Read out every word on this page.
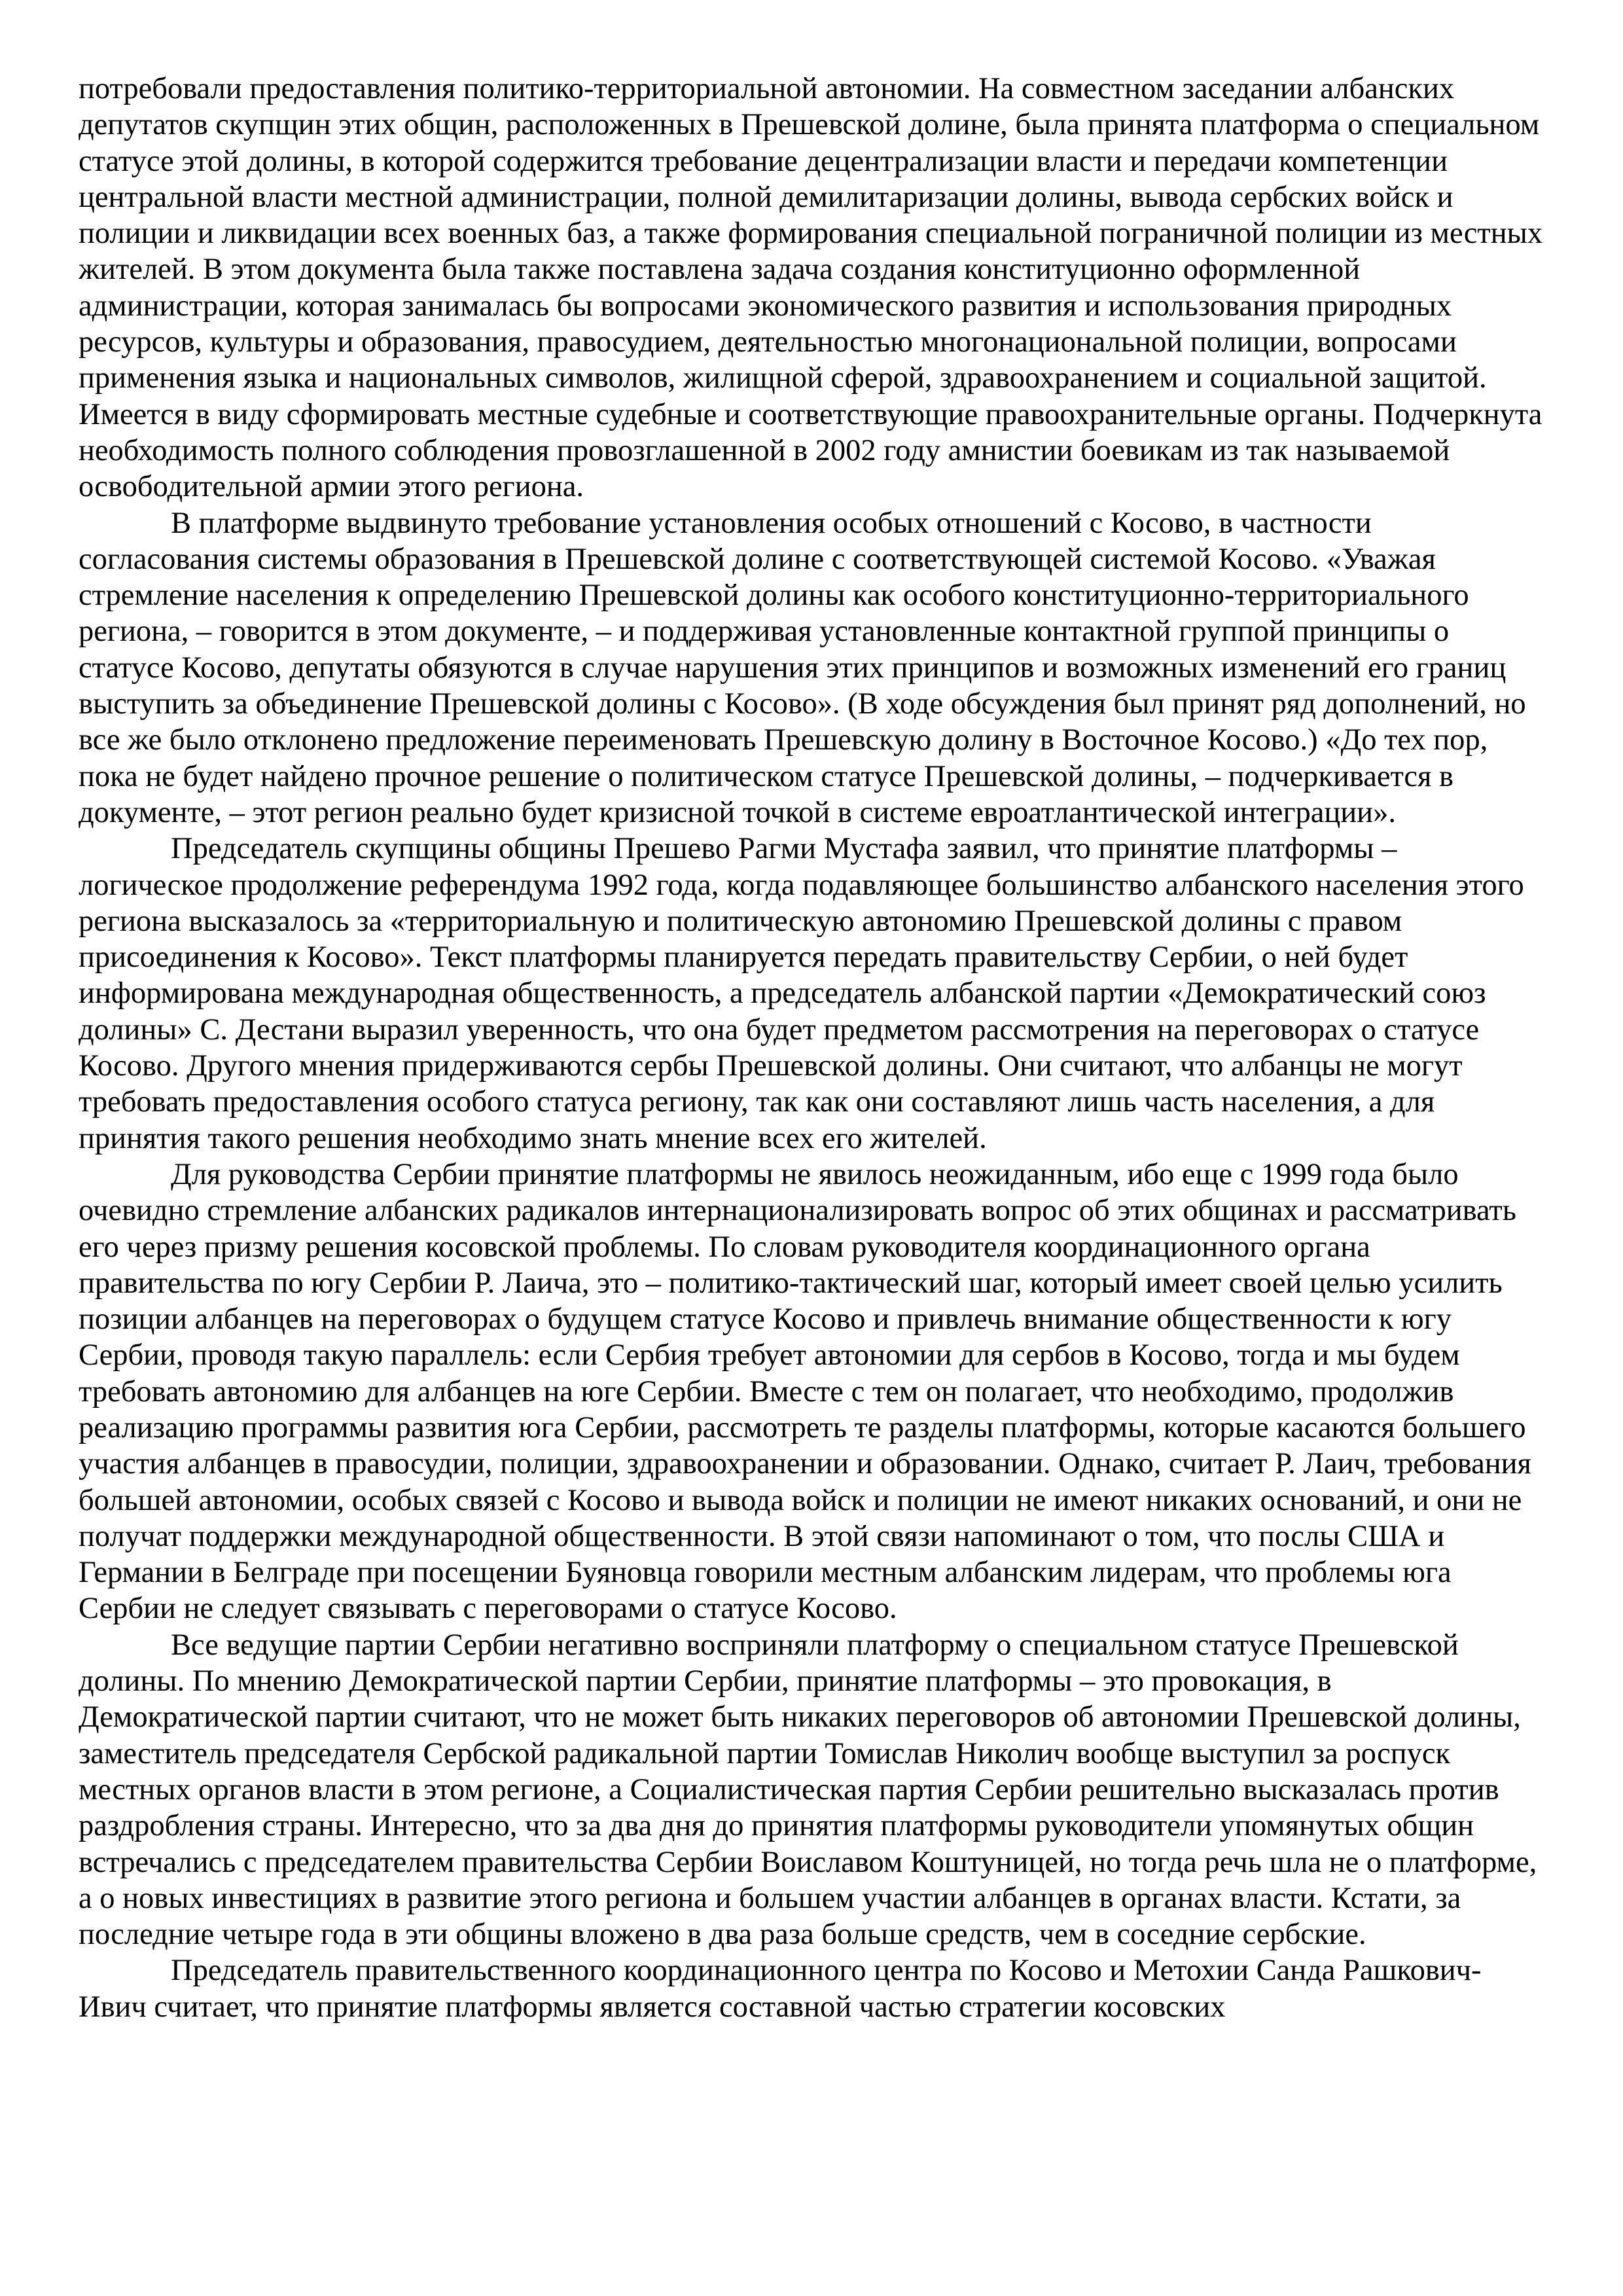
потребовали предоставления политико-территориальной автономии. На совместном заседании албанских депутатов скупщин этих общин, расположенных в Прешевской долине, была принята платформа о специальном статусе этой долины, в которой содержится требование децентрализации власти и передачи компетенции центральной власти местной администрации, полной демилитаризации долины, вывода сербских войск и полиции и ликвидации всех военных баз, а также формирования специальной пограничной полиции из местных жителей. В этом документа была также поставлена задача создания конституционно оформленной администрации, которая занималась бы вопросами экономического развития и использования природных ресурсов, культуры и образования, правосудием, деятельностью многонациональной полиции, вопросами применения языка и национальных символов, жилищной сферой, здравоохранением и социальной защитой. Имеется в виду сформировать местные судебные и соответствующие правоохранительные органы. Подчеркнута необходимость полного соблюдения провозглашенной в 2002 году амнистии боевикам из так называемой освободительной армии этого региона.

В платформе выдвинуто требование установления особых отношений с Косово, в частности согласования системы образования в Прешевской долине с соответствующей системой Косово. «Уважая стремление населения к определению Прешевской долины как особого конституционно-территориального региона, – говорится в этом документе, – и поддерживая установленные контактной группой принципы о статусе Косово, депутаты обязуются в случае нарушения этих принципов и возможных изменений его границ выступить за объединение Прешевской долины с Косово». (В ходе обсуждения был принят ряд дополнений, но все же было отклонено предложение переименовать Прешевскую долину в Восточное Косово.) «До тех пор, пока не будет найдено прочное решение о политическом статусе Прешевской долины, – подчеркивается в документе, – этот регион реально будет кризисной точкой в системе евроатлантической интеграции».

Председатель скупщины общины Прешево Рагми Мустафа заявил, что принятие платформы – логическое продолжение референдума 1992 года, когда подавляющее большинство албанского населения этого региона высказалось за «территориальную и политическую автономию Прешевской долины с правом присоединения к Косово». Текст платформы планируется передать правительству Сербии, о ней будет информирована международная общественность, а председатель албанской партии «Демократический союз долины» С. Дестани выразил уверенность, что она будет предметом рассмотрения на переговорах о статусе Косово. Другого мнения придерживаются сербы Прешевской долины. Они считают, что албанцы не могут требовать предоставления особого статуса региону, так как они составляют лишь часть населения, а для принятия такого решения необходимо знать мнение всех его жителей.

Для руководства Сербии принятие платформы не явилось неожиданным, ибо еще с 1999 года было очевидно стремление албанских радикалов интернационализировать вопрос об этих общинах и рассматривать его через призму решения косовской проблемы. По словам руководителя координационного органа правительства по югу Сербии Р. Лаича, это – политико-тактический шаг, который имеет своей целью усилить позиции албанцев на переговорах о будущем статусе Косово и привлечь внимание общественности к югу Сербии, проводя такую параллель: если Сербия требует автономии для сербов в Косово, тогда и мы будем требовать автономию для албанцев на юге Сербии. Вместе с тем он полагает, что необходимо, продолжив реализацию программы развития юга Сербии, рассмотреть те разделы платформы, которые касаются большего участия албанцев в правосудии, полиции, здравоохранении и образовании. Однако, считает Р. Лаич, требования большей автономии, особых связей с Косово и вывода войск и полиции не имеют никаких оснований, и они не получат поддержки международной общественности. В этой связи напоминают о том, что послы США и Германии в Белграде при посещении Буяновца говорили местным албанским лидерам, что проблемы юга Сербии не следует связывать с переговорами о статусе Косово.

Все ведущие партии Сербии негативно восприняли платформу о специальном статусе Прешевской долины. По мнению Демократической партии Сербии, принятие платформы – это провокация, в Демократической партии считают, что не может быть никаких переговоров об автономии Прешевской долины, заместитель председателя Сербской радикальной партии Томислав Николич вообще выступил за роспуск местных органов власти в этом регионе, а Социалистическая партия Сербии решительно высказалась против раздробления страны. Интересно, что за два дня до принятия платформы руководители упомянутых общин встречались с председателем правительства Сербии Воиславом Коштуницей, но тогда речь шла не о платформе, а о новых инвестициях в развитие этого региона и большем участии албанцев в органах власти. Кстати, за последние четыре года в эти общины вложено в два раза больше средств, чем в соседние сербские.

Председатель правительственного координационного центра по Косово и Метохии Санда Рашкович-Ивич считает, что принятие платформы является составной частью стратегии косовских
